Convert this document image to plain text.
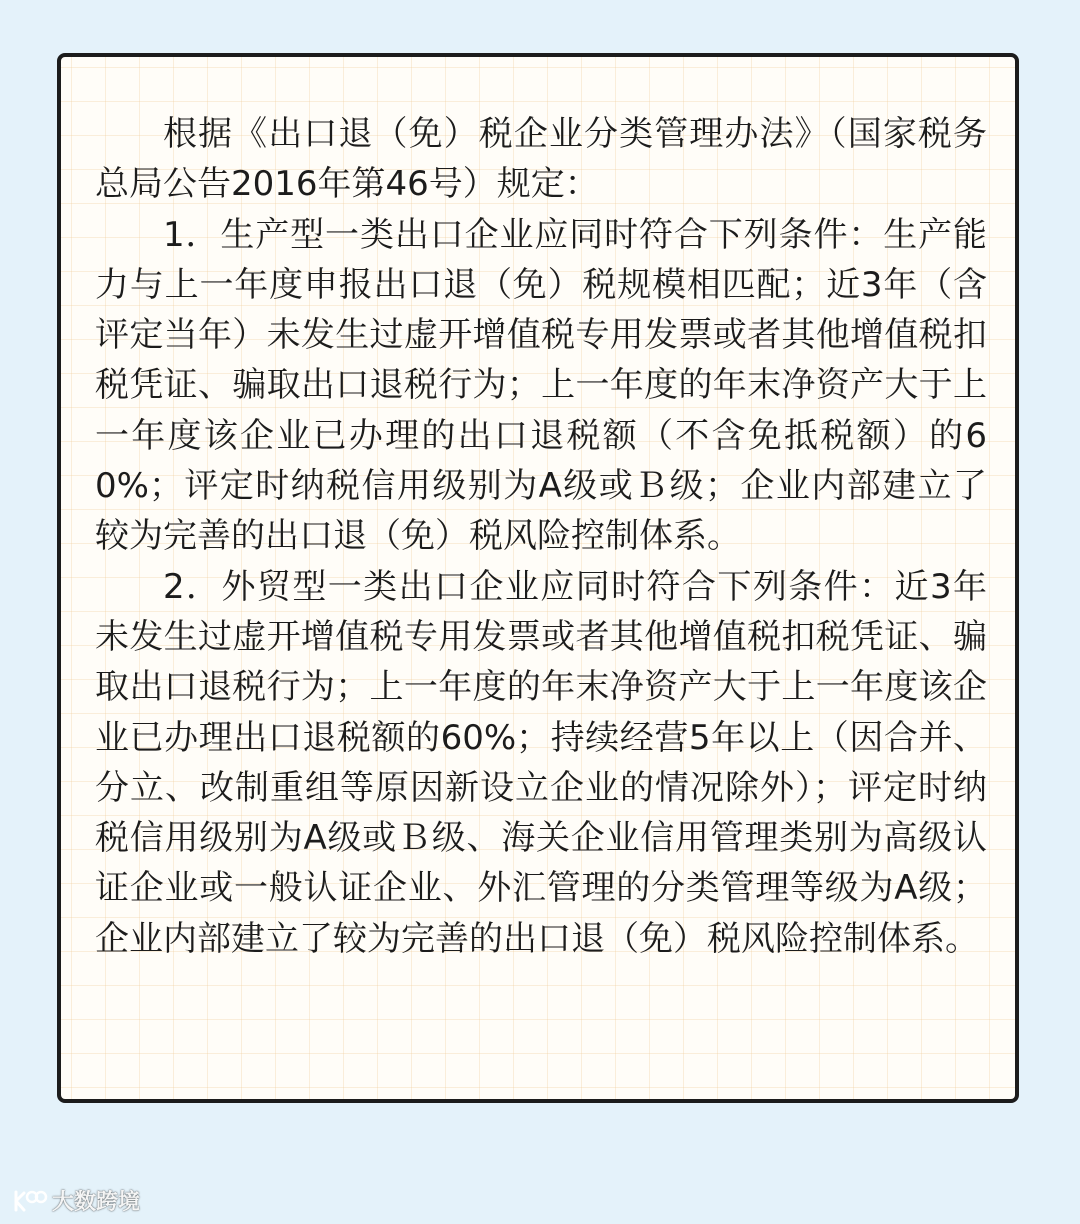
根据《出口退（免）税企业分类管理办法》（国家税务总局公告2016年第46号）规定：

1．生产型一类出口企业应同时符合下列条件：生产能力与上一年度申报出口退（免）税规模相匹配；近3年（含评定当年）未发生过虚开增值税专用发票或者其他增值税扣税凭证、骗取出口退税行为；上一年度的年末净资产大于上一年度该企业已办理的出口退税额（不含免抵税额）的60%；评定时纳税信用级别为A级或Ｂ级；企业内部建立了较为完善的出口退（免）税风险控制体系。

2．外贸型一类出口企业应同时符合下列条件：近3年未发生过虚开增值税专用发票或者其他增值税扣税凭证、骗取出口退税行为；上一年度的年末净资产大于上一年度该企业已办理出口退税额的60%；持续经营5年以上（因合并、分立、改制重组等原因新设立企业的情况除外）；评定时纳税信用级别为A级或Ｂ级、海关企业信用管理类别为高级认证企业或一般认证企业、外汇管理的分类管理等级为A级；企业内部建立了较为完善的出口退（免）税风险控制体系。

大数跨境
